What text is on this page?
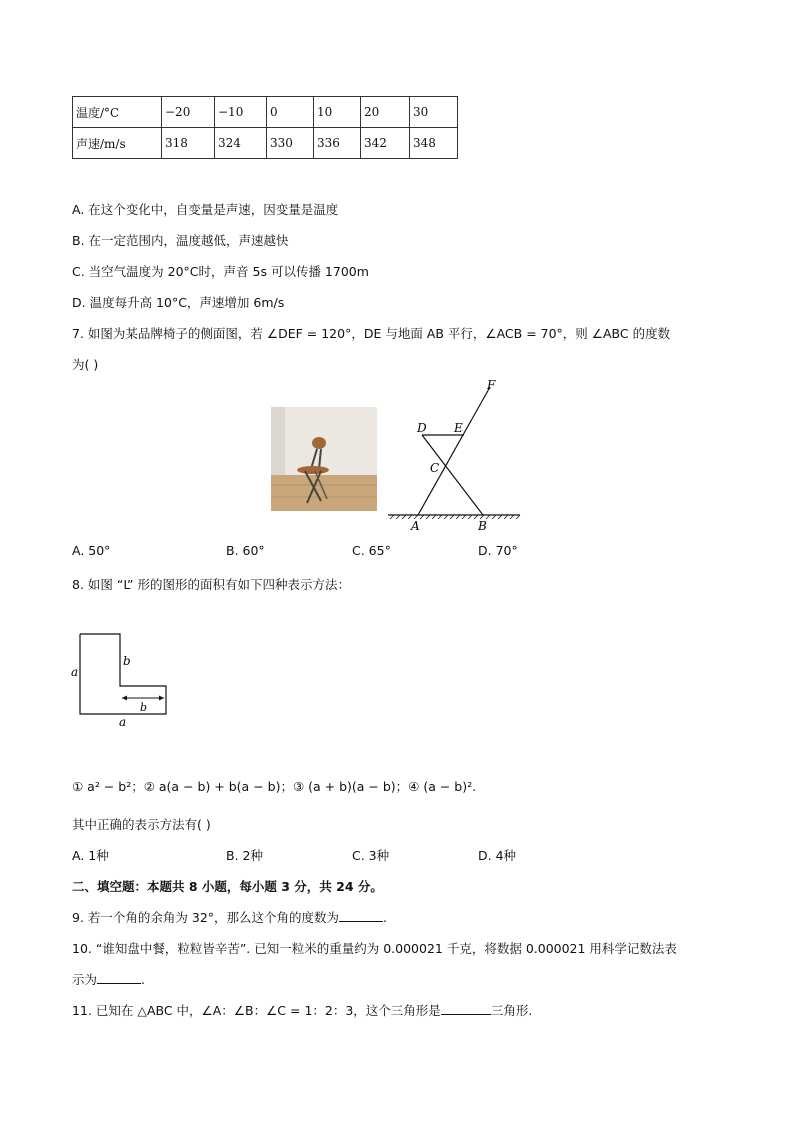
温度/°C	−20	−10	0	10	20	30
声速/m/s	318	324	330	336	342	348
A. 在这个变化中，自变量是声速，因变量是温度
B. 在一定范围内，温度越低，声速越快
C. 当空气温度为 20°C时，声音 5s 可以传播 1700m
D. 温度每升高 10°C，声速增加 6m/s
7. 如图为某品牌椅子的侧面图，若 ∠DEF = 120°，DE 与地面 AB 平行，∠ACB = 70°，则 ∠ABC 的度数
为( )
F
D E
C
A	B
A. 50°	B. 60°	C. 65°	D. 70°
8. 如图 “L” 形的图形的面积有如下四种表示方法：
a
b
b
a
① a² − b²；② a(a − b) + b(a − b)；③ (a + b)(a − b)；④ (a − b)².
其中正确的表示方法有( )
A. 1种	B. 2种	C. 3种	D. 4种
二、填空题：本题共 8 小题，每小题 3 分，共 24 分。
9. 若一个角的余角为 32°，那么这个角的度数为	.
10. “谁知盘中餐，粒粒皆辛苦”. 已知一粒米的重量约为 0.000021 千克，将数据 0.000021 用科学记数法表
示为	.
11. 已知在 △ABC 中，∠A：∠B：∠C = 1：2：3，这个三角形是	三角形.
